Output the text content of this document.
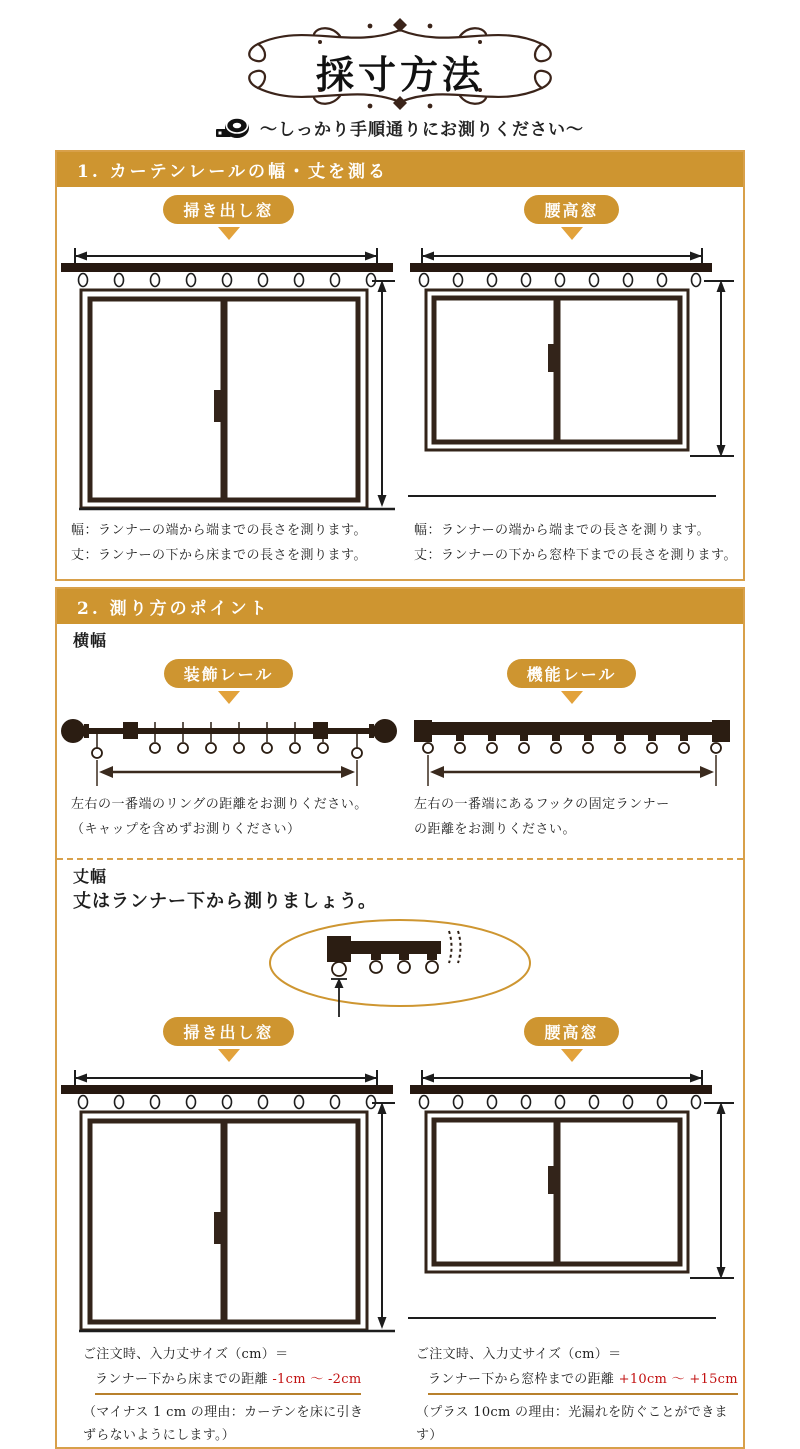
採寸方法
～しっかり手順通りにお測りください～
1. カーテンレールの幅・丈を測る
掃き出し窓

幅：ランナーの端から端までの長さを測ります。
丈：ランナーの下から床までの長さを測ります。

腰高窓

幅：ランナーの端から端までの長さを測ります。
丈：ランナーの下から窓枠下までの長さを測ります。

2. 測り方のポイント
横幅
装飾レール

左右の一番端のリングの距離をお測りください。
（キャップを含めずお測りください）

機能レール

左右の一番端にあるフックの固定ランナー
の距離をお測りください。

丈幅
丈はランナー下から測りましょう。
掃き出し窓
ご注文時、入力丈サイズ（cm）＝
ランナー下から床までの距離 -1cm ～ -2cm
（マイナス 1 cm の理由：カーテンを床に引き
ずらないようにします。）
腰高窓
ご注文時、入力丈サイズ（cm）＝
ランナー下から窓枠までの距離 +10cm ～ +15cm
（プラス 10cm の理由：光漏れを防ぐことができます）
